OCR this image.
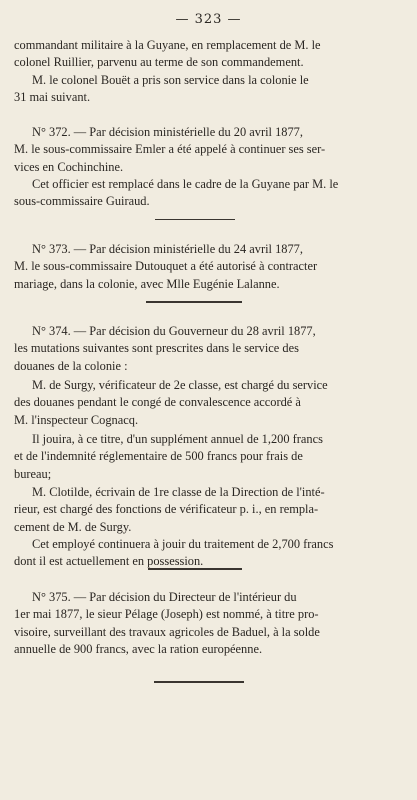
— 323 —
commandant militaire à la Guyane, en remplacement de M. le
colonel Ruillier, parvenu au terme de son commandement.
M. le colonel Bouët a pris son service dans la colonie le
31 mai suivant.
N° 372. — Par décision ministérielle du 20 avril 1877,
M. le sous-commissaire Emler a été appelé à continuer ses ser-
vices en Cochinchine.
Cet officier est remplacé dans le cadre de la Guyane par M. le
sous-commissaire Guiraud.
N° 373. — Par décision ministérielle du 24 avril 1877,
M. le sous-commissaire Dutouquet a été autorisé à contracter
mariage, dans la colonie, avec Mlle Eugénie Lalanne.
N° 374. — Par décision du Gouverneur du 28 avril 1877,
les mutations suivantes sont prescrites dans le service des
douanes de la colonie :
M. de Surgy, vérificateur de 2e classe, est chargé du service
des douanes pendant le congé de convalescence accordé à
M. l'inspecteur Cognacq.
Il jouira, à ce titre, d'un supplément annuel de 1,200 francs
et de l'indemnité réglementaire de 500 francs pour frais de
bureau;
M. Clotilde, écrivain de 1re classe de la Direction de l'inté-
rieur, est chargé des fonctions de vérificateur p. i., en rempla-
cement de M. de Surgy.
Cet employé continuera à jouir du traitement de 2,700 francs
dont il est actuellement en possession.
N° 375. — Par décision du Directeur de l'intérieur du
1er mai 1877, le sieur Pélage (Joseph) est nommé, à titre pro-
visoire, surveillant des travaux agricoles de Baduel, à la solde
annuelle de 900 francs, avec la ration européenne.
